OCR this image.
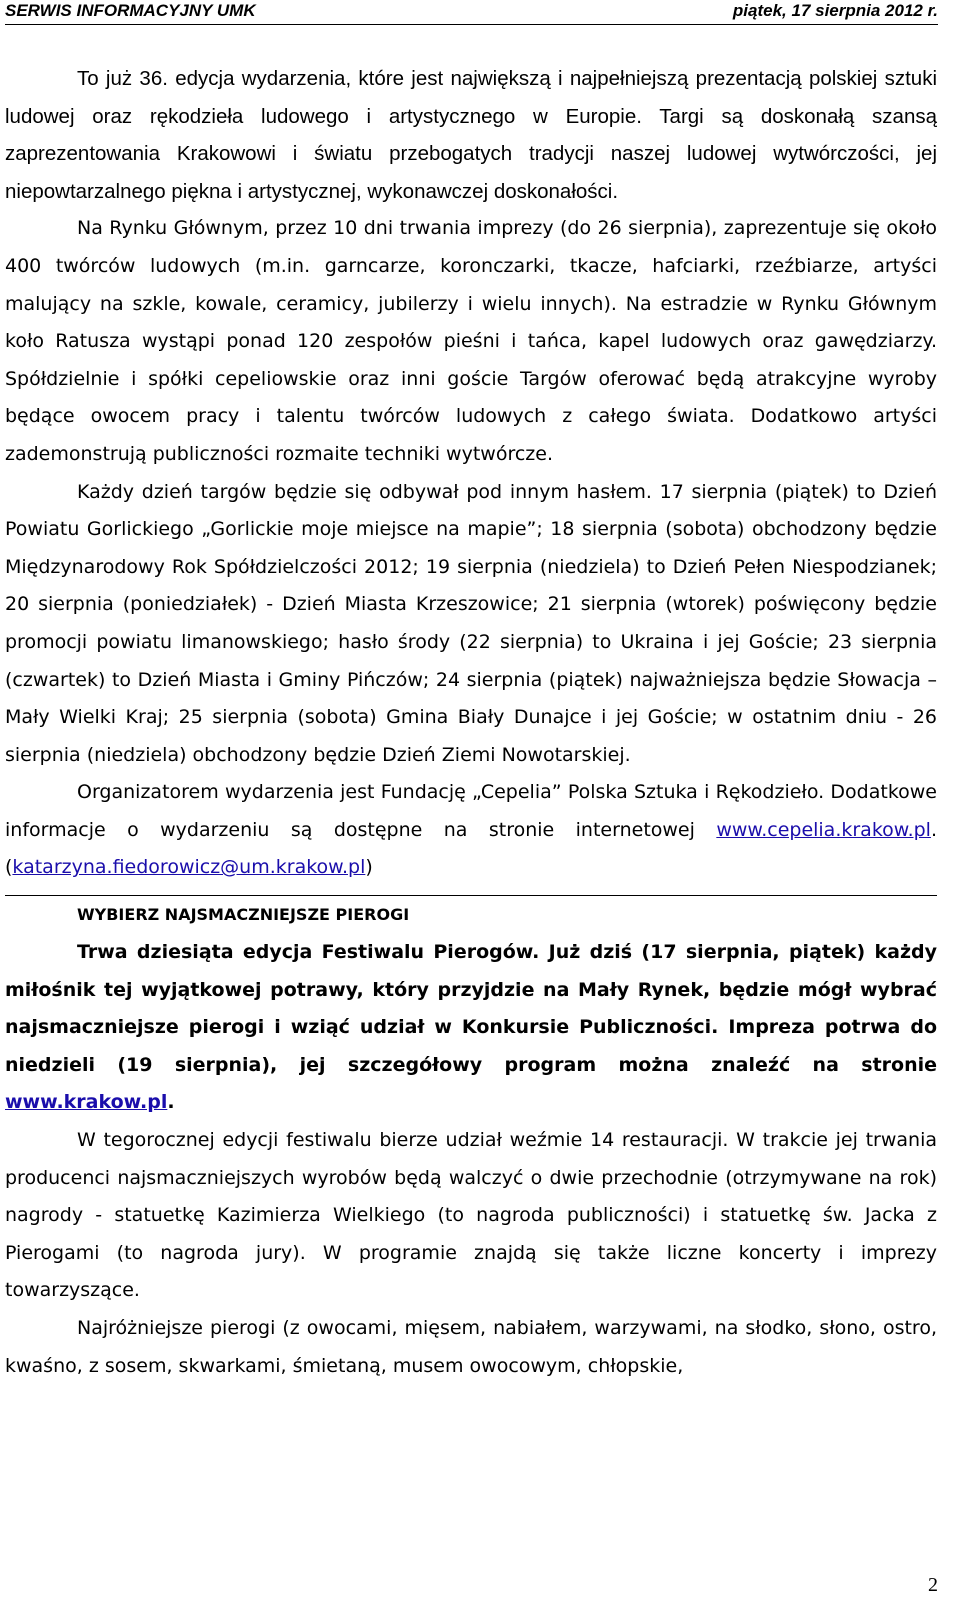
SERWIS INFORMACYJNY UMK	piątek, 17 sierpnia 2012 r.

To już 36. edycja wydarzenia, które jest największą i najpełniejszą prezentacją polskiej sztuki ludowej oraz rękodzieła ludowego i artystycznego w Europie. Targi są doskonałą szansą zaprezentowania Krakowowi i światu przebogatych tradycji naszej ludowej wytwórczości, jej niepowtarzalnego piękna i artystycznej, wykonawczej doskonałości.

Na Rynku Głównym, przez 10 dni trwania imprezy (do 26 sierpnia), zaprezentuje się około 400 twórców ludowych (m.in. garncarze, koronczarki, tkacze, hafciarki, rzeźbiarze, artyści malujący na szkle, kowale, ceramicy, jubilerzy i wielu innych). Na estradzie w Rynku Głównym koło Ratusza wystąpi ponad 120 zespołów pieśni i tańca, kapel ludowych oraz gawędziarzy. Spółdzielnie i spółki cepeliowskie oraz inni goście Targów oferować będą atrakcyjne wyroby będące owocem pracy i talentu twórców ludowych z całego świata. Dodatkowo artyści zademonstrują publiczności rozmaite techniki wytwórcze.

Każdy dzień targów będzie się odbywał pod innym hasłem. 17 sierpnia (piątek) to Dzień Powiatu Gorlickiego „Gorlickie moje miejsce na mapie”; 18 sierpnia (sobota) obchodzony będzie Międzynarodowy Rok Spółdzielczości 2012; 19 sierpnia (niedziela) to Dzień Pełen Niespodzianek; 20 sierpnia (poniedziałek) - Dzień Miasta Krzeszowice; 21 sierpnia (wtorek) poświęcony będzie promocji powiatu limanowskiego; hasło środy (22 sierpnia) to Ukraina i jej Goście; 23 sierpnia (czwartek) to Dzień Miasta i Gminy Pińczów; 24 sierpnia (piątek) najważniejsza będzie Słowacja – Mały Wielki Kraj; 25 sierpnia (sobota) Gmina Biały Dunajce i jej Goście; w ostatnim dniu - 26 sierpnia (niedziela) obchodzony będzie Dzień Ziemi Nowotarskiej.

Organizatorem wydarzenia jest Fundację „Cepelia” Polska Sztuka i Rękodzieło. Dodatkowe informacje o wydarzeniu są dostępne na stronie internetowej www.cepelia.krakow.pl. (katarzyna.fiedorowicz@um.krakow.pl)

WYBIERZ NAJSMACZNIEJSZE PIEROGI

Trwa dziesiąta edycja Festiwalu Pierogów. Już dziś (17 sierpnia, piątek) każdy miłośnik tej wyjątkowej potrawy, który przyjdzie na Mały Rynek, będzie mógł wybrać najsmaczniejsze pierogi i wziąć udział w Konkursie Publiczności. Impreza potrwa do niedzieli (19 sierpnia), jej szczegółowy program można znaleźć na stronie www.krakow.pl.

W tegorocznej edycji festiwalu bierze udział weźmie 14 restauracji. W trakcie jej trwania producenci najsmaczniejszych wyrobów będą walczyć o dwie przechodnie (otrzymywane na rok) nagrody - statuetkę Kazimierza Wielkiego (to nagroda publiczności) i statuetkę św. Jacka z Pierogami (to nagroda jury). W programie znajdą się także liczne koncerty i imprezy towarzyszące.

Najróżniejsze pierogi (z owocami, mięsem, nabiałem, warzywami, na słodko, słono, ostro, kwaśno, z sosem, skwarkami, śmietaną, musem owocowym, chłopskie,

2
